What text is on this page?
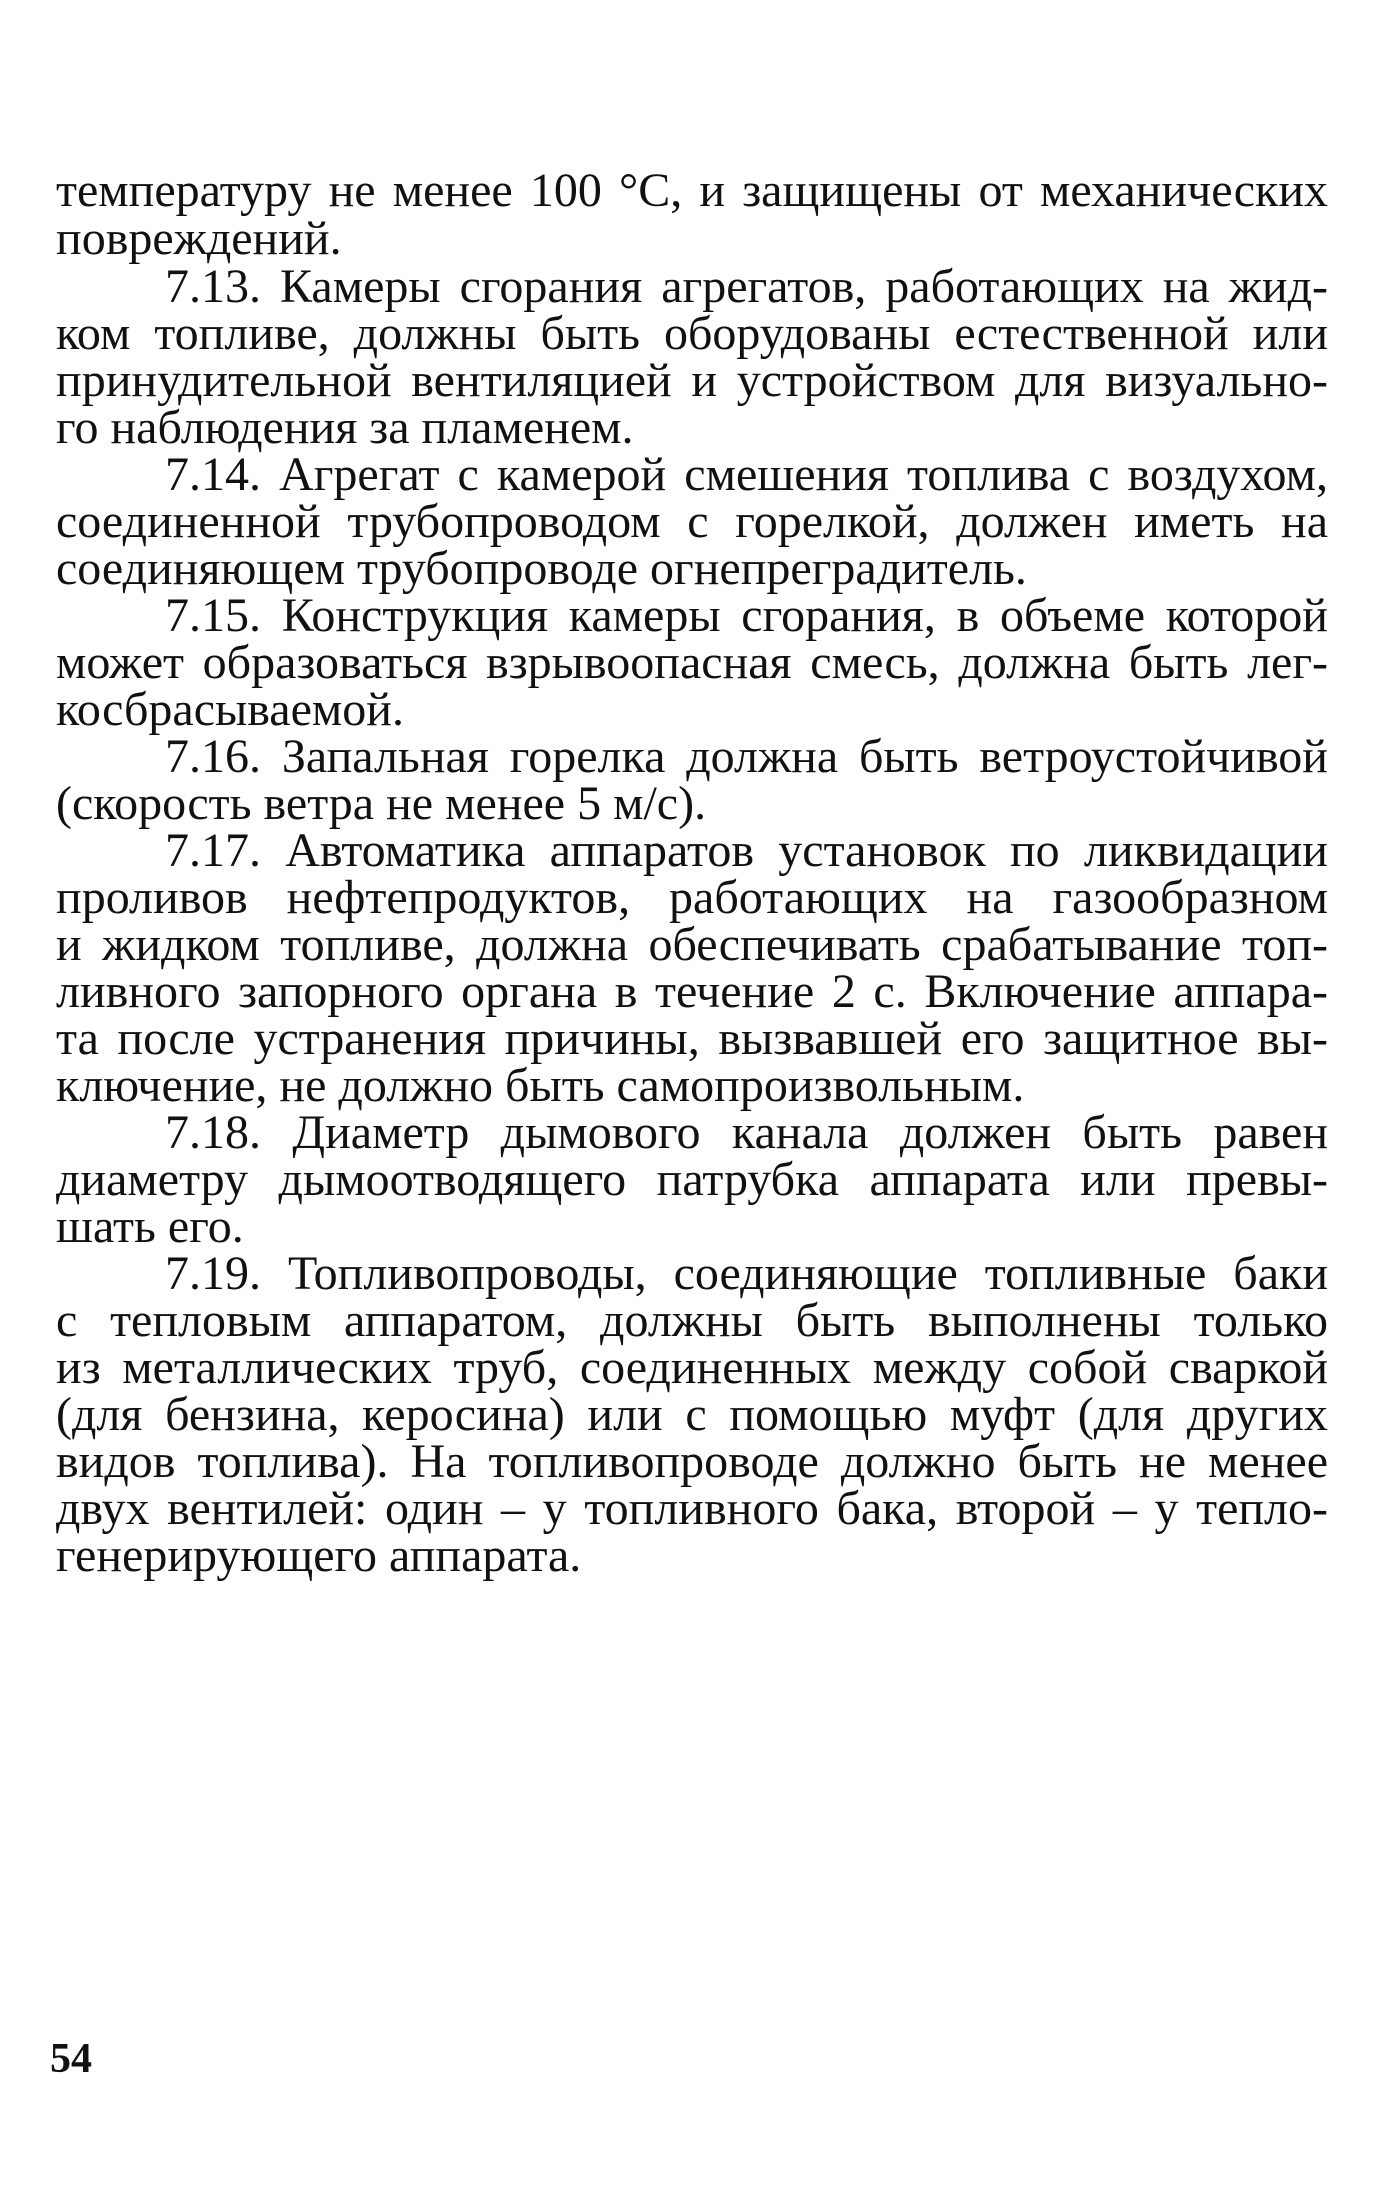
температуру не менее 100 °С, и защищены от механических

повреждений.

7.13. Камеры сгорания агрегатов, работающих на жид-

ком топливе, должны быть оборудованы естественной или

принудительной вентиляцией и устройством для визуально-

го наблюдения за пламенем.

7.14. Агрегат с камерой смешения топлива с воздухом,

соединенной трубопроводом с горелкой, должен иметь на

соединяющем трубопроводе огнепреградитель.

7.15. Конструкция камеры сгорания, в объеме которой

может образоваться взрывоопасная смесь, должна быть лег-

косбрасываемой.

7.16. Запальная горелка должна быть ветроустойчивой

(скорость ветра не менее 5 м/с).

7.17. Автоматика аппаратов установок по ликвидации

проливов нефтепродуктов, работающих на газообразном

и жидком топливе, должна обеспечивать срабатывание топ-

ливного запорного органа в течение 2 с. Включение аппара-

та после устранения причины, вызвавшей его защитное вы-

ключение, не должно быть самопроизвольным.

7.18. Диаметр дымового канала должен быть равен

диаметру дымоотводящего патрубка аппарата или превы-

шать его.

7.19. Топливопроводы, соединяющие топливные баки

с тепловым аппаратом, должны быть выполнены только

из металлических труб, соединенных между собой сваркой

(для бензина, керосина) или с помощью муфт (для других

видов топлива). На топливопроводе должно быть не менее

двух вентилей: один – у топливного бака, второй – у тепло-

генерирующего аппарата.

54
